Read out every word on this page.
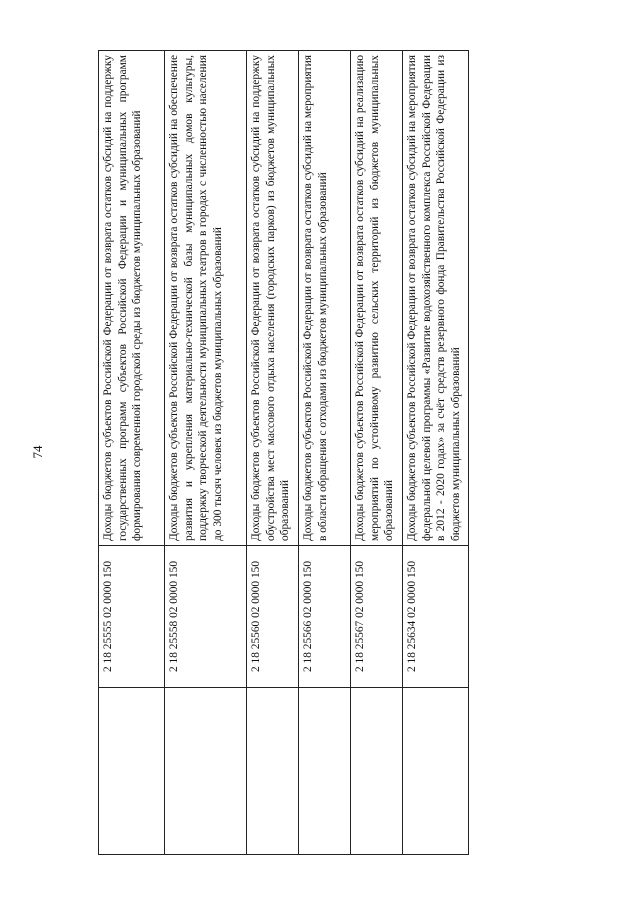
74
	2 18 25555 02 0000 150	Доходы бюджетов субъектов Российской Федерации от возврата остатков субсидий на поддержку государственных программ субъектов Российской Федерации и муниципальных программ формирования современной городской среды из бюджетов муниципальных образований
	2 18 25558 02 0000 150	Доходы бюджетов субъектов Российской Федерации от возврата остатков субсидий на обеспечение развития и укрепления материально-технической базы муниципальных домов культуры, поддержку творческой деятельности муниципальных театров в городах с численностью населения до 300 тысяч человек из бюджетов муниципальных образований
	2 18 25560 02 0000 150	Доходы бюджетов субъектов Российской Федерации от возврата остатков субсидий на поддержку обустройства мест массового отдыха населения (городских парков) из бюджетов муниципальных образований
	2 18 25566 02 0000 150	Доходы бюджетов субъектов Российской Федерации от возврата остатков субсидий на мероприятия в области обращения с отходами из бюджетов муниципальных образований
	2 18 25567 02 0000 150	Доходы бюджетов субъектов Российской Федерации от возврата остатков субсидий на реализацию мероприятий по устойчивому развитию сельских территорий из бюджетов муниципальных образований
	2 18 25634 02 0000 150	Доходы бюджетов субъектов Российской Федерации от возврата остатков субсидий на мероприятия федеральной целевой программы «Развитие водохозяйственного комплекса Российской Федерации в 2012 - 2020 годах» за счёт средств резервного фонда Правительства Российской Федерации из бюджетов муниципальных образований
